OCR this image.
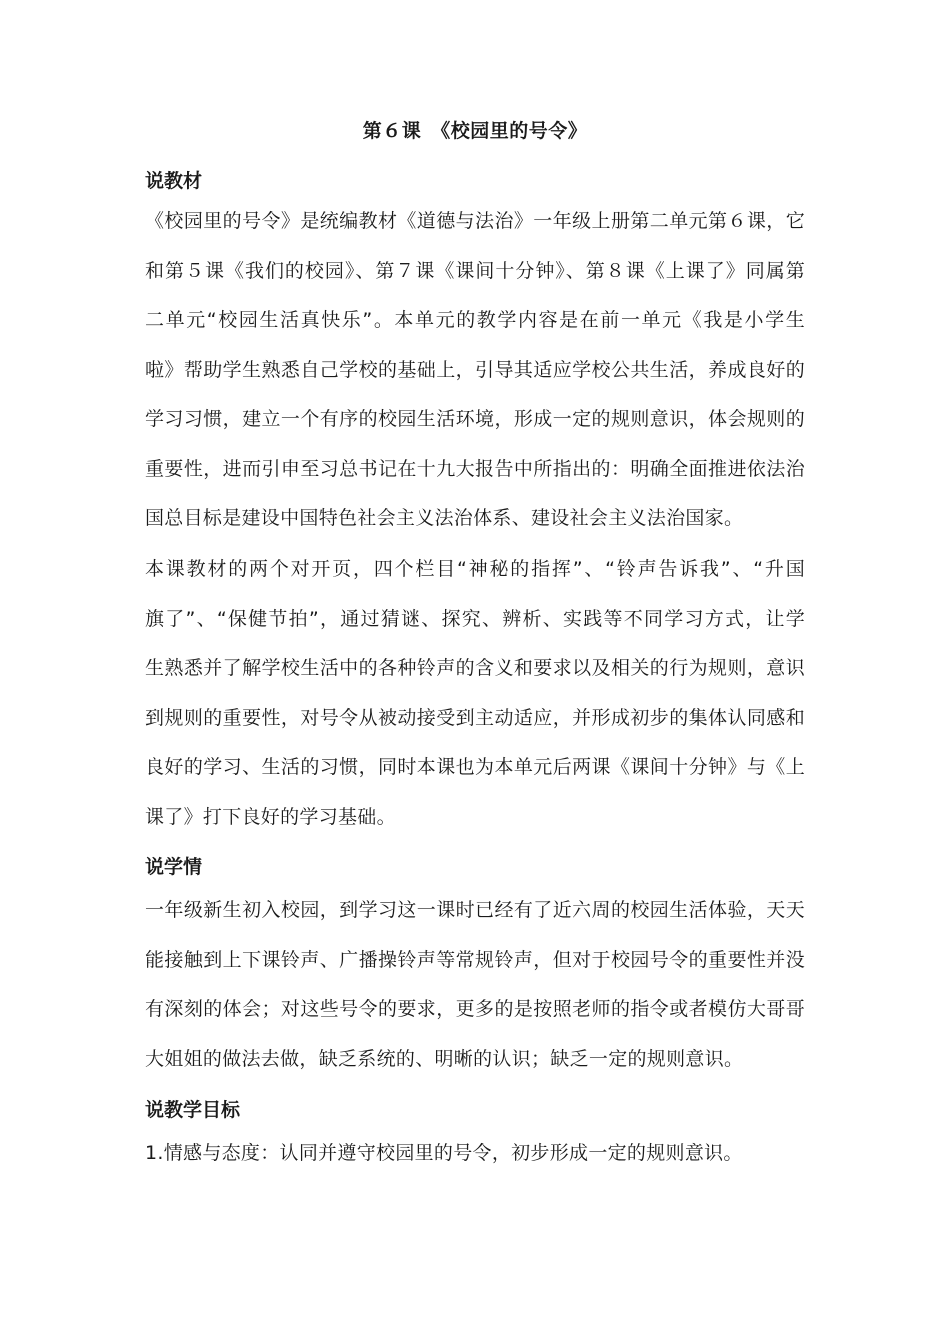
第６课　《校园里的号令》
说教材
《校园里的号令》是统编教材《道德与法治》一年级上册第二单元第６课，它
和第５课《我们的校园》、第７课《课间十分钟》、第８课《上课了》同属第
二单元“校园生活真快乐”。本单元的教学内容是在前一单元《我是小学生
啦》帮助学生熟悉自己学校的基础上，引导其适应学校公共生活，养成良好的
学习习惯，建立一个有序的校园生活环境，形成一定的规则意识，体会规则的
重要性，进而引申至习总书记在十九大报告中所指出的：明确全面推进依法治
国总目标是建设中国特色社会主义法治体系、建设社会主义法治国家。
本课教材的两个对开页，四个栏目“神秘的指挥”、“铃声告诉我”、“升国
旗了”、“保健节拍”，通过猜谜、探究、辨析、实践等不同学习方式，让学
生熟悉并了解学校生活中的各种铃声的含义和要求以及相关的行为规则，意识
到规则的重要性，对号令从被动接受到主动适应，并形成初步的集体认同感和
良好的学习、生活的习惯，同时本课也为本单元后两课《课间十分钟》与《上
课了》打下良好的学习基础。
说学情
一年级新生初入校园，到学习这一课时已经有了近六周的校园生活体验，天天
能接触到上下课铃声、广播操铃声等常规铃声，但对于校园号令的重要性并没
有深刻的体会；对这些号令的要求，更多的是按照老师的指令或者模仿大哥哥
大姐姐的做法去做，缺乏系统的、明晰的认识；缺乏一定的规则意识。
说教学目标
1.情感与态度：认同并遵守校园里的号令，初步形成一定的规则意识。
